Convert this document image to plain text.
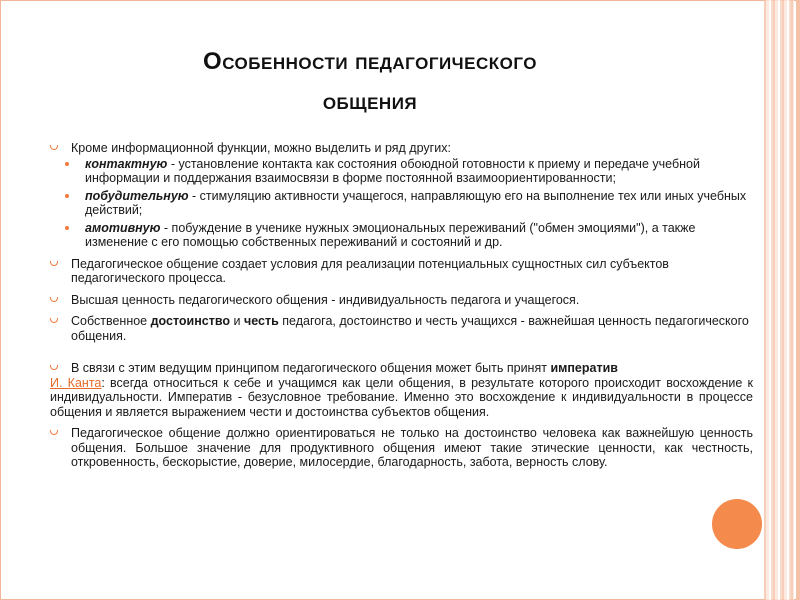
Особенности педагогического
общения
Кроме информационной функции, можно выделить и ряд других:
контактную - установление контакта как состояния обоюдной готовности к приему и передаче учебной информации и поддержания взаимосвязи в форме постоянной взаимоориентированности;
побудительную - стимуляцию активности учащегося, направляющую его на выполнение тех или иных учебных действий;
амотивную - побуждение в ученике нужных эмоциональных переживаний ("обмен эмоциями"), а также изменение с его помощью собственных переживаний и состояний и др.
Педагогическое общение создает условия для реализации потенциальных сущностных сил субъектов педагогического процесса.
Высшая ценность педагогического общения - индивидуальность педагога и учащегося.
Собственное достоинство и честь педагога, достоинство и честь учащихся - важнейшая ценность педагогического общения.
В связи с этим ведущим принципом педагогического общения может быть принят императив
И. Канта: всегда относиться к себе и учащимся как цели общения, в результате которого происходит восхождение к индивидуальности. Императив - безусловное требование. Именно это восхождение к индивидуальности в процессе общения и является выражением чести и достоинства субъектов общения.
Педагогическое общение должно ориентироваться не только на достоинство человека как важнейшую ценность общения. Большое значение для продуктивного общения имеют такие этические ценности, как честность, откровенность, бескорыстие, доверие, милосердие, благодарность, забота, верность слову.
